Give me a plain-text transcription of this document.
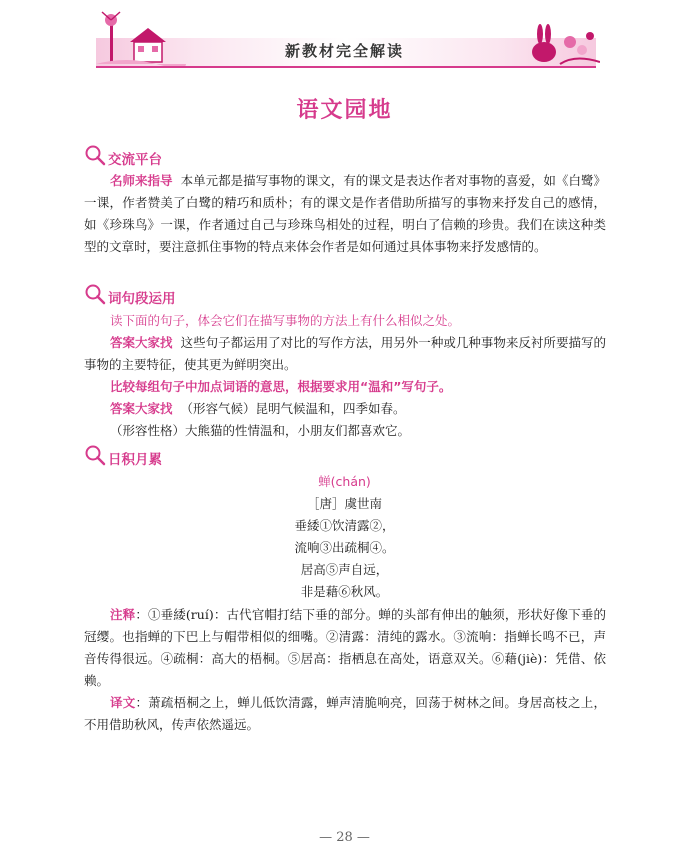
新教材完全解读
语文园地
交流平台
名师来指导 本单元都是描写事物的课文，有的课文是表达作者对事物的喜爱，如《白鹭》一课，作者赞美了白鹭的精巧和质朴；有的课文是作者借助所描写的事物来抒发自己的感情，如《珍珠鸟》一课，作者通过自己与珍珠鸟相处的过程，明白了信赖的珍贵。我们在读这种类型的文章时，要注意抓住事物的特点来体会作者是如何通过具体事物来抒发感情的。
词句段运用
读下面的句子，体会它们在描写事物的方法上有什么相似之处。
答案大家找 这些句子都运用了对比的写作方法，用另外一种或几种事物来反衬所要描写的事物的主要特征，使其更为鲜明突出。
比较每组句子中加点词语的意思，根据要求用“温和”写句子。
答案大家找 （形容气候）昆明气候温和，四季如春。
（形容性格）大熊猫的性情温和，小朋友们都喜欢它。
日积月累
蝉(chán)
［唐］虞世南
垂緌①饮清露②，
流响③出疏桐④。
居高⑤声自远，
非是藉⑥秋风。
注释：①垂緌(ruí)：古代官帽打结下垂的部分。蝉的头部有伸出的触须，形状好像下垂的冠缨。也指蝉的下巴上与帽带相似的细嘴。②清露：清纯的露水。③流响：指蝉长鸣不已，声音传得很远。④疏桐：高大的梧桐。⑤居高：指栖息在高处，语意双关。⑥藉(jiè)：凭借、依赖。
译文：萧疏梧桐之上，蝉儿低饮清露，蝉声清脆响亮，回荡于树林之间。身居高枝之上，不用借助秋风，传声依然遥远。
— 28 —
